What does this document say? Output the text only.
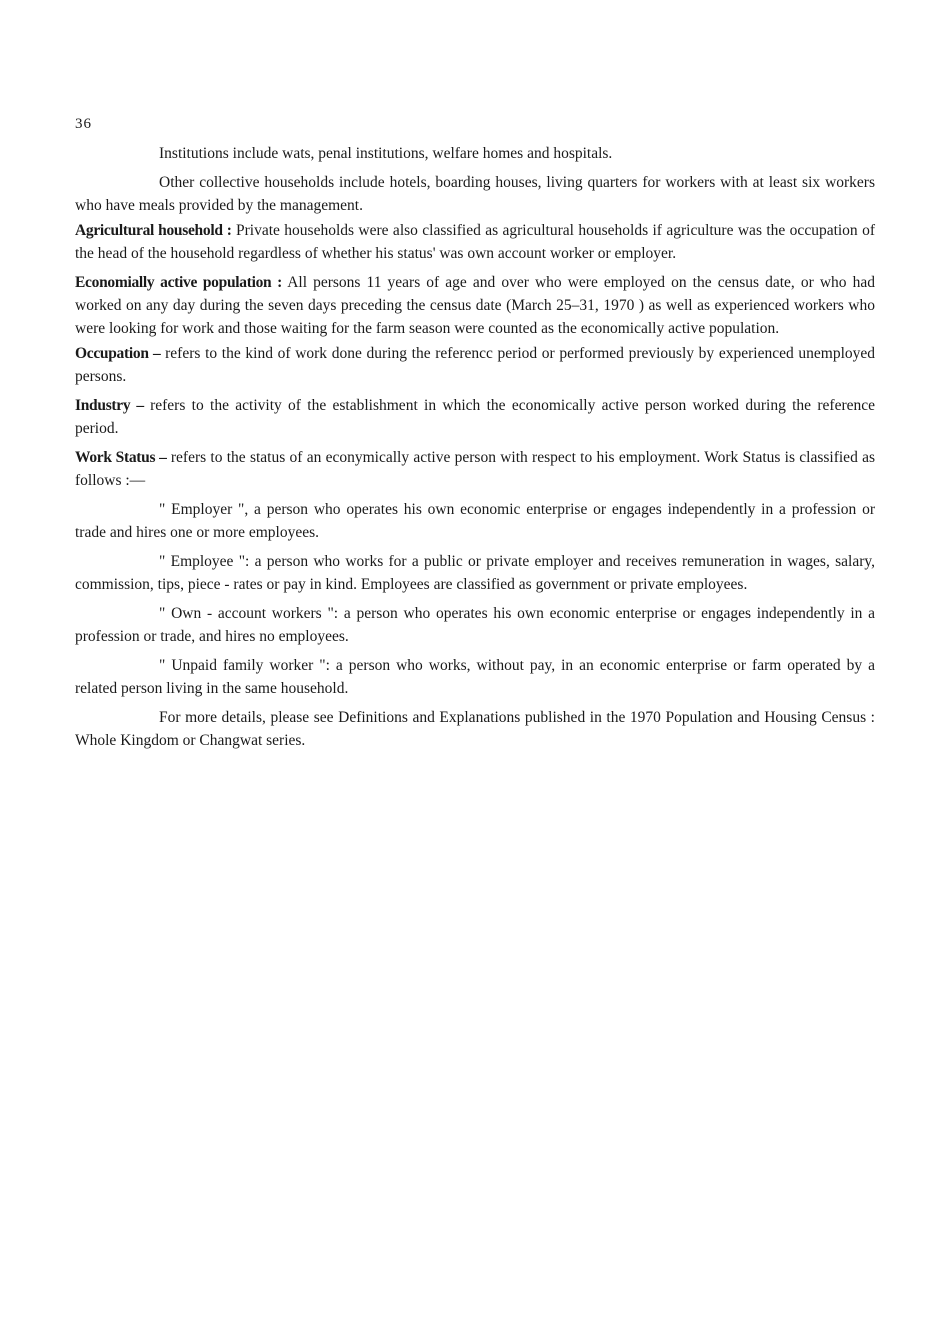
36

Institutions include wats, penal institutions, welfare homes and hospitals.

Other collective households include hotels, boarding houses, living quarters for workers with at least six workers who have meals provided by the management.

Agricultural household : Private households were also classified as agricultural households if agriculture was the occupation of the head of the household regardless of whether his status' was own account worker or employer.

Economially active population : All persons 11 years of age and over who were employed on the census date, or who had worked on any day during the seven days preceding the census date (March 25–31, 1970 ) as well as experienced workers who were looking for work and those waiting for the farm season were counted as the economically active population.

Occupation – refers to the kind of work done during the referencc period or performed previously by experienced unemployed persons.

Industry – refers to the activity of the establishment in which the economically active person worked during the reference period.

Work Status – refers to the status of an econymically active person with respect to his employment. Work Status is classified as follows :—

" Employer ", a person who operates his own economic enterprise or engages independently in a profession or trade and hires one or more employees.

" Employee ": a person who works for a public or private employer and receives remuneration in wages, salary, commission, tips, piece - rates or pay in kind. Employees are classified as government or private employees.

" Own - account workers ": a person who operates his own economic enterprise or engages independently in a profession or trade, and hires no employees.

" Unpaid family worker ": a person who works, without pay, in an economic enterprise or farm operated by a related person living in the same household.

For more details, please see Definitions and Explanations published in the 1970 Population and Housing Census : Whole Kingdom or Changwat series.
